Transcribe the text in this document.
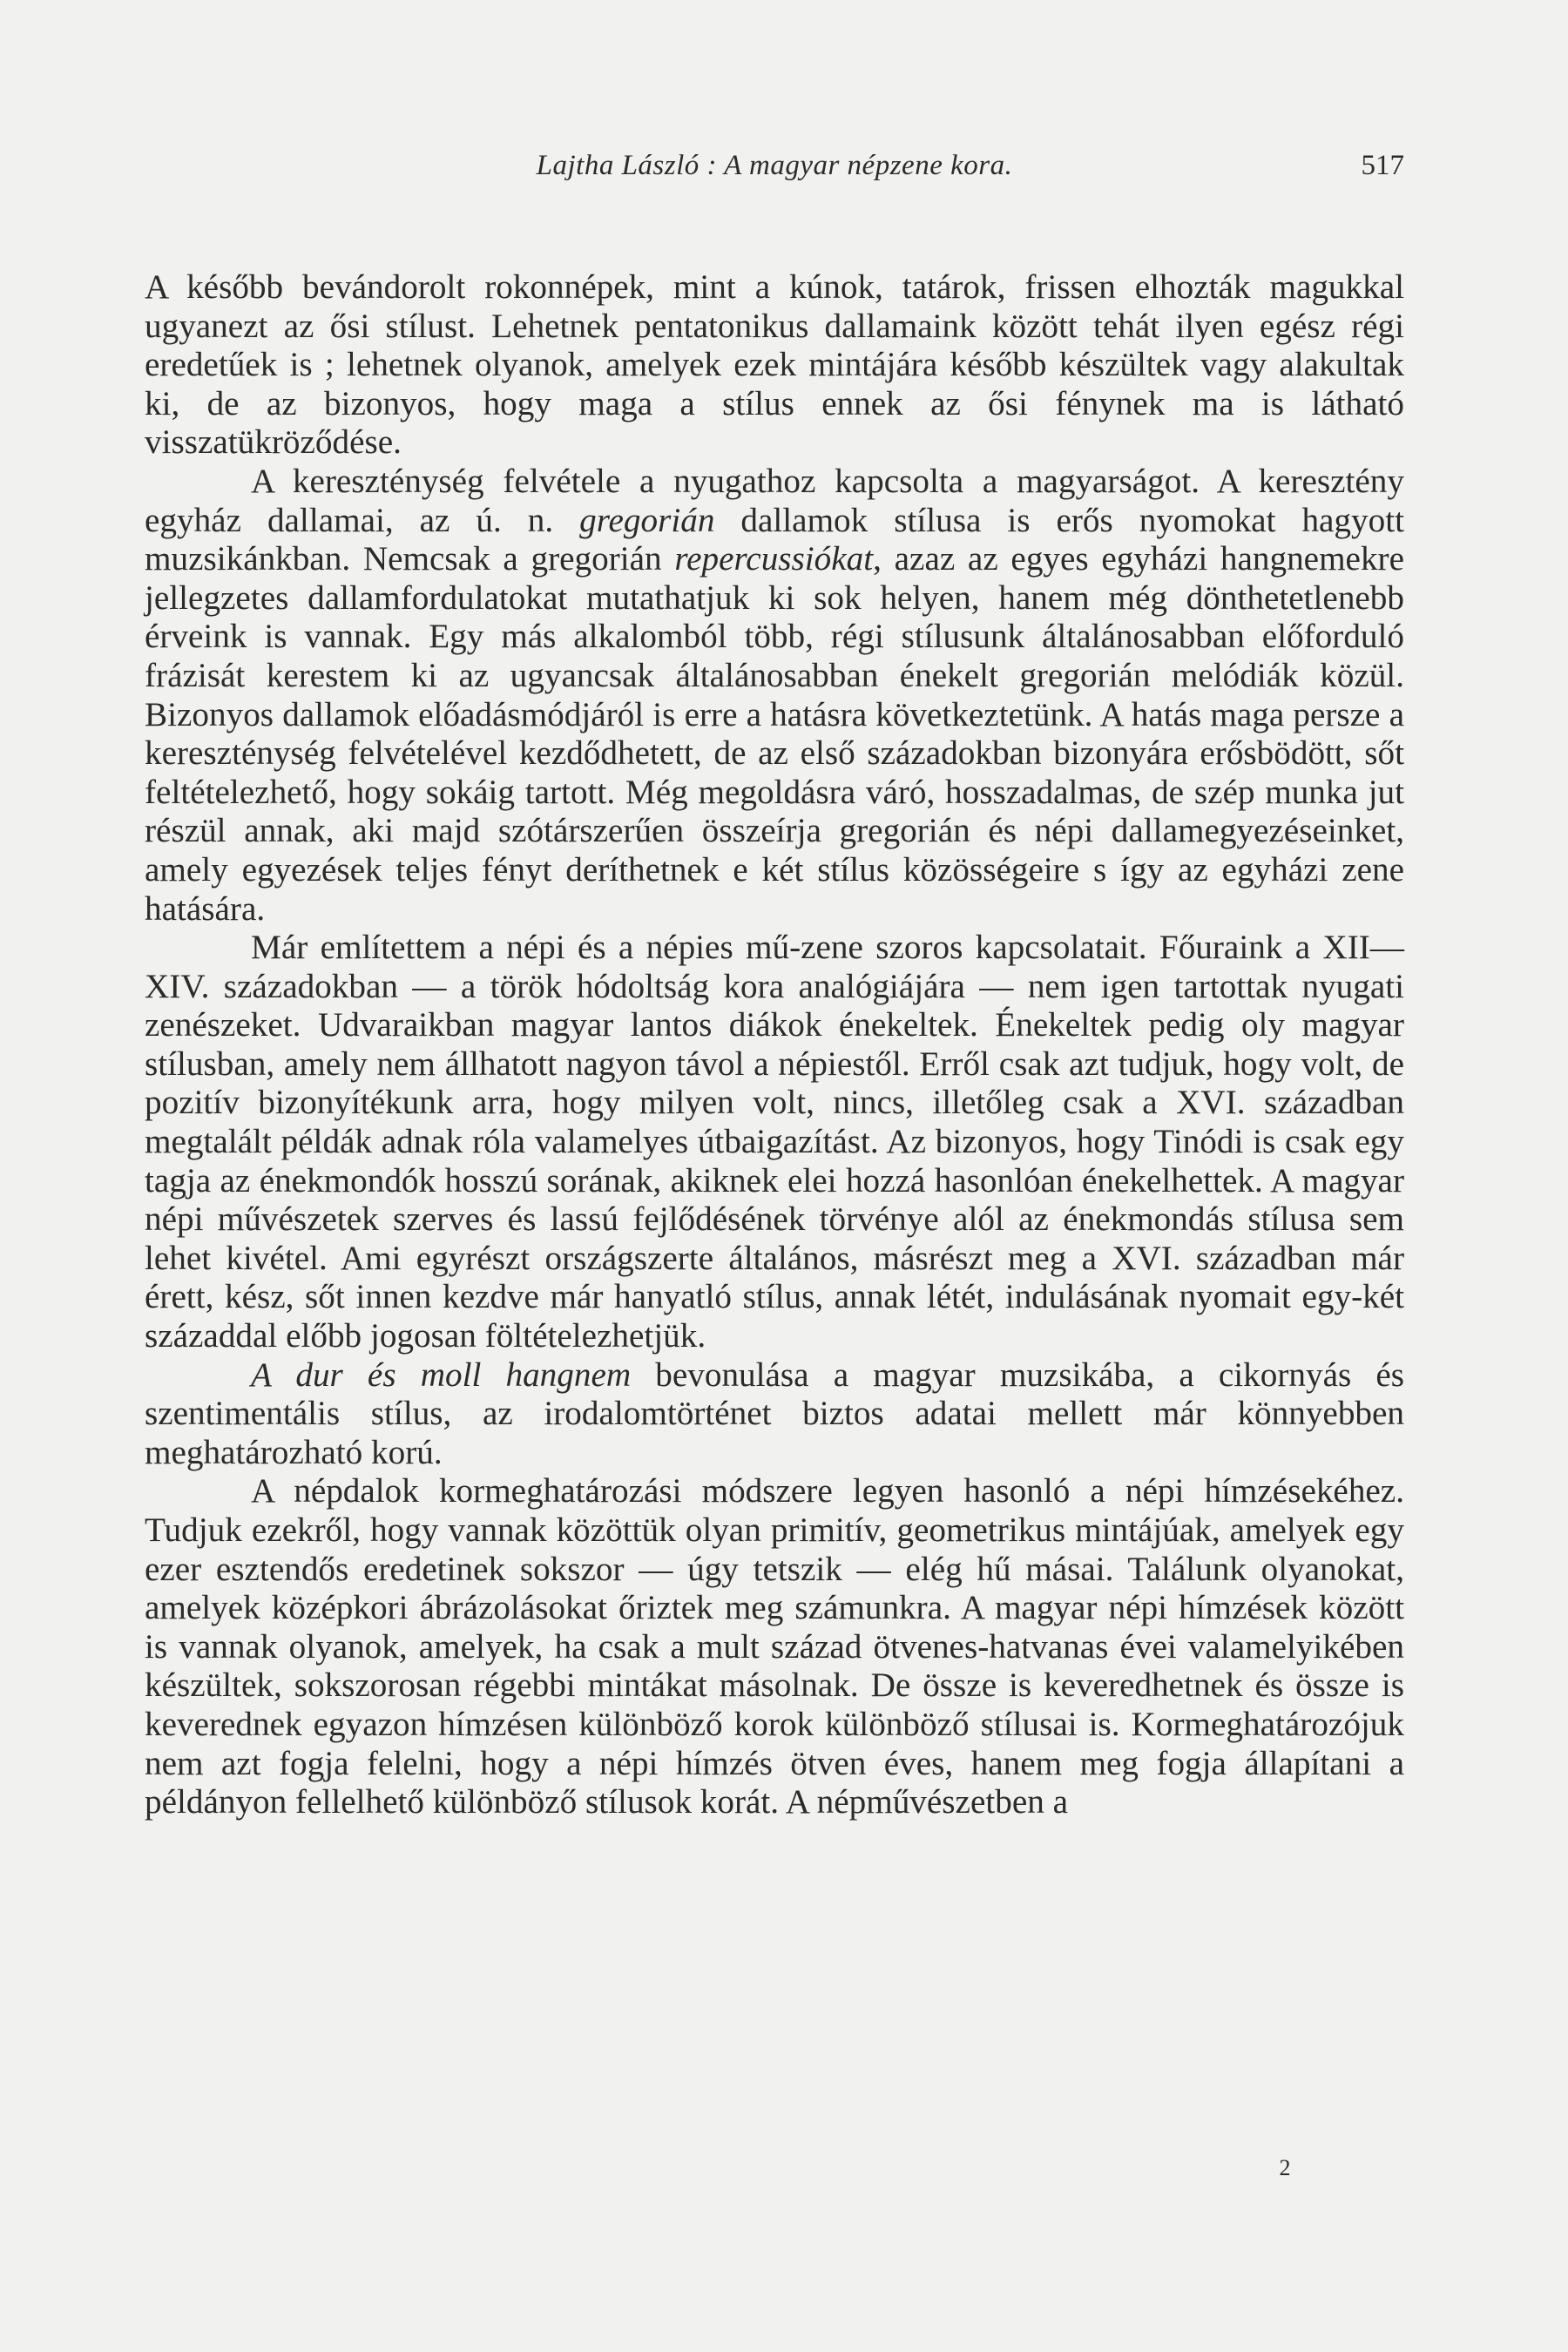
Lajtha László : A magyar népzene kora.	517

A később bevándorolt rokonnépek, mint a kúnok, tatárok, frissen elhozták magukkal ugyanezt az ősi stílust. Lehetnek pentatonikus dallamaink között tehát ilyen egész régi eredetűek is ; lehetnek olyanok, amelyek ezek mintájára később készültek vagy alakultak ki, de az bizonyos, hogy maga a stílus ennek az ősi fénynek ma is látható visszatükröződése.

A kereszténység felvétele a nyugathoz kapcsolta a magyarságot. A keresztény egyház dallamai, az ú. n. gregorián dallamok stílusa is erős nyomokat hagyott muzsikánkban. Nemcsak a gregorián repercussiókat, azaz az egyes egyházi hangnemekre jellegzetes dallamfordulatokat mutathatjuk ki sok helyen, hanem még dönthetetlenebb érveink is vannak. Egy más alkalomból több, régi stílusunk általánosabban előforduló frázisát kerestem ki az ugyancsak általánosabban énekelt gregorián melódiák közül. Bizonyos dallamok előadásmódjáról is erre a hatásra következtetünk. A hatás maga persze a kereszténység felvételével kezdődhetett, de az első századokban bizonyára erősbödött, sőt feltételezhető, hogy sokáig tartott. Még megoldásra váró, hosszadalmas, de szép munka jut részül annak, aki majd szótárszerűen összeírja gregorián és népi dallamegyezéseinket, amely egyezések teljes fényt deríthetnek e két stílus közösségeire s így az egyházi zene hatására.

Már említettem a népi és a népies mű-zene szoros kapcsolatait. Főuraink a XII—XIV. századokban — a török hódoltság kora analógiájára — nem igen tartottak nyugati zenészeket. Udvaraikban magyar lantos diákok énekeltek. Énekeltek pedig oly magyar stílusban, amely nem állhatott nagyon távol a népiestől. Erről csak azt tudjuk, hogy volt, de pozitív bizonyítékunk arra, hogy milyen volt, nincs, illetőleg csak a XVI. században megtalált példák adnak róla valamelyes útbaigazítást. Az bizonyos, hogy Tinódi is csak egy tagja az énekmondók hosszú sorának, akiknek elei hozzá hasonlóan énekelhettek. A magyar népi művészetek szerves és lassú fejlődésének törvénye alól az énekmondás stílusa sem lehet kivétel. Ami egyrészt országszerte általános, másrészt meg a XVI. században már érett, kész, sőt innen kezdve már hanyatló stílus, annak létét, indulásának nyomait egy-két századdal előbb jogosan föltételezhetjük.

A dur és moll hangnem bevonulása a magyar muzsikába, a cikornyás és szentimentális stílus, az irodalomtörténet biztos adatai mellett már könnyebben meghatározható korú.

A népdalok kormeghatározási módszere legyen hasonló a népi hímzésekéhez. Tudjuk ezekről, hogy vannak közöttük olyan primitív, geometrikus mintájúak, amelyek egy ezer esztendős eredetinek sokszor — úgy tetszik — elég hű másai. Találunk olyanokat, amelyek középkori ábrázolásokat őriztek meg számunkra. A magyar népi hímzések között is vannak olyanok, amelyek, ha csak a mult század ötvenes-hatvanas évei valamelyikében készültek, sokszorosan régebbi mintákat másolnak. De össze is keveredhetnek és össze is keverednek egyazon hímzésen különböző korok különböző stílusai is. Kormeghatározójuk nem azt fogja felelni, hogy a népi hímzés ötven éves, hanem meg fogja állapítani a példányon fellelhető különböző stílusok korát. A népművészetben a

2
